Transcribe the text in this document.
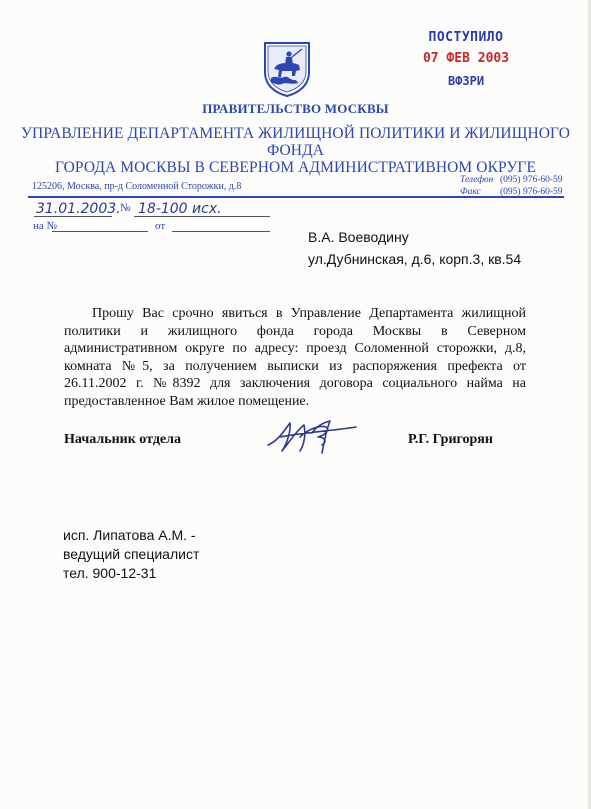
ПОСТУПИЛО
07 ФЕВ 2003
ВФЗРИ
ПРАВИТЕЛЬСТВО МОСКВЫ
УПРАВЛЕНИЕ ДЕПАРТАМЕНТА ЖИЛИЩНОЙ ПОЛИТИКИ И ЖИЛИЩНОГО ФОНДА
ГОРОДА МОСКВЫ В СЕВЕРНОМ АДМИНИСТРАТИВНОМ ОКРУГЕ
125206, Москва, пр-д Соломенной Сторожки, д.8
Телефон (095) 976-60-59
Факс	(095) 976-60-59
31.01.2003. № 18-100 исх.
на №	от
В.А. Воеводину
ул.Дубнинская, д.6, корп.3, кв.54
Прошу Вас срочно явиться в Управление Департамента жилищной политики и жилищного фонда города Москвы в Северном административном округе по адресу: проезд Соломенной сторожки, д.8, комната №5, за получением выписки из распоряжения префекта от 26.11.2002 г. №8392 для заключения договора социального найма на предоставленное Вам жилое помещение.
Начальник отдела	Р.Г. Григорян
исп. Липатова А.М. -
ведущий специалист
тел. 900-12-31
